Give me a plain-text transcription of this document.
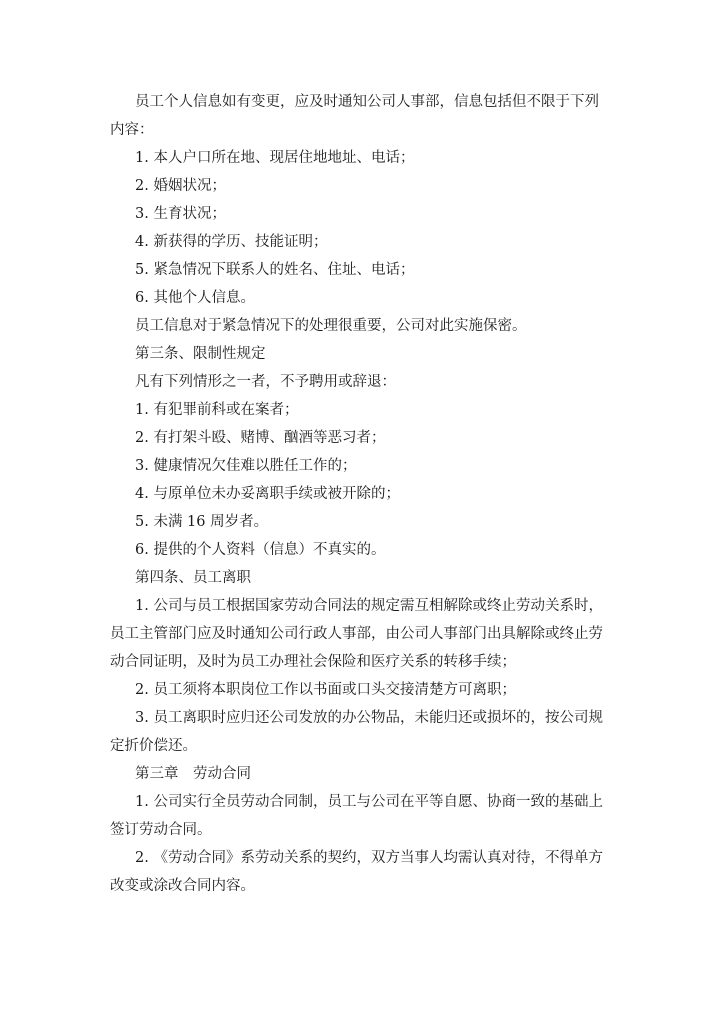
员工个人信息如有变更，应及时通知公司人事部，信息包括但不限于下列
内容：
1. 本人户口所在地、现居住地地址、电话；
2. 婚姻状况；
3. 生育状况；
4. 新获得的学历、技能证明；
5. 紧急情况下联系人的姓名、住址、电话；
6. 其他个人信息。
员工信息对于紧急情况下的处理很重要，公司对此实施保密。
第三条、限制性规定
凡有下列情形之一者，不予聘用或辞退：
1. 有犯罪前科或在案者；
2. 有打架斗殴、赌博、酗酒等恶习者；
3. 健康情况欠佳难以胜任工作的；
4. 与原单位未办妥离职手续或被开除的；
5. 未满 16 周岁者。
6. 提供的个人资料（信息）不真实的。
第四条、员工离职
1. 公司与员工根据国家劳动合同法的规定需互相解除或终止劳动关系时，
员工主管部门应及时通知公司行政人事部，由公司人事部门出具解除或终止劳
动合同证明，及时为员工办理社会保险和医疗关系的转移手续；
2. 员工须将本职岗位工作以书面或口头交接清楚方可离职；
3. 员工离职时应归还公司发放的办公物品，未能归还或损坏的，按公司规
定折价偿还。
第三章　劳动合同
1. 公司实行全员劳动合同制，员工与公司在平等自愿、协商一致的基础上
签订劳动合同。
2. 《劳动合同》系劳动关系的契约，双方当事人均需认真对待，不得单方
改变或涂改合同内容。
